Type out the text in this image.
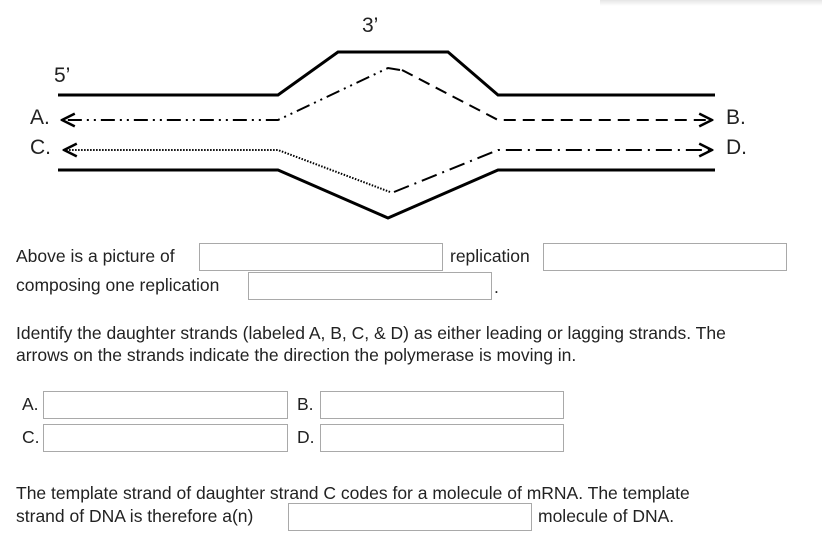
5’
3’
A.
C.
B.
D.
Above is a picture of	replication
composing one replication	.
Identify the daughter strands (labeled A, B, C, & D) as either leading or lagging strands. The
arrows on the strands indicate the direction the polymerase is moving in.
A.	B.
C.	D.
The template strand of daughter strand C codes for a molecule of mRNA. The template
strand of DNA is therefore a(n)	molecule of DNA.
